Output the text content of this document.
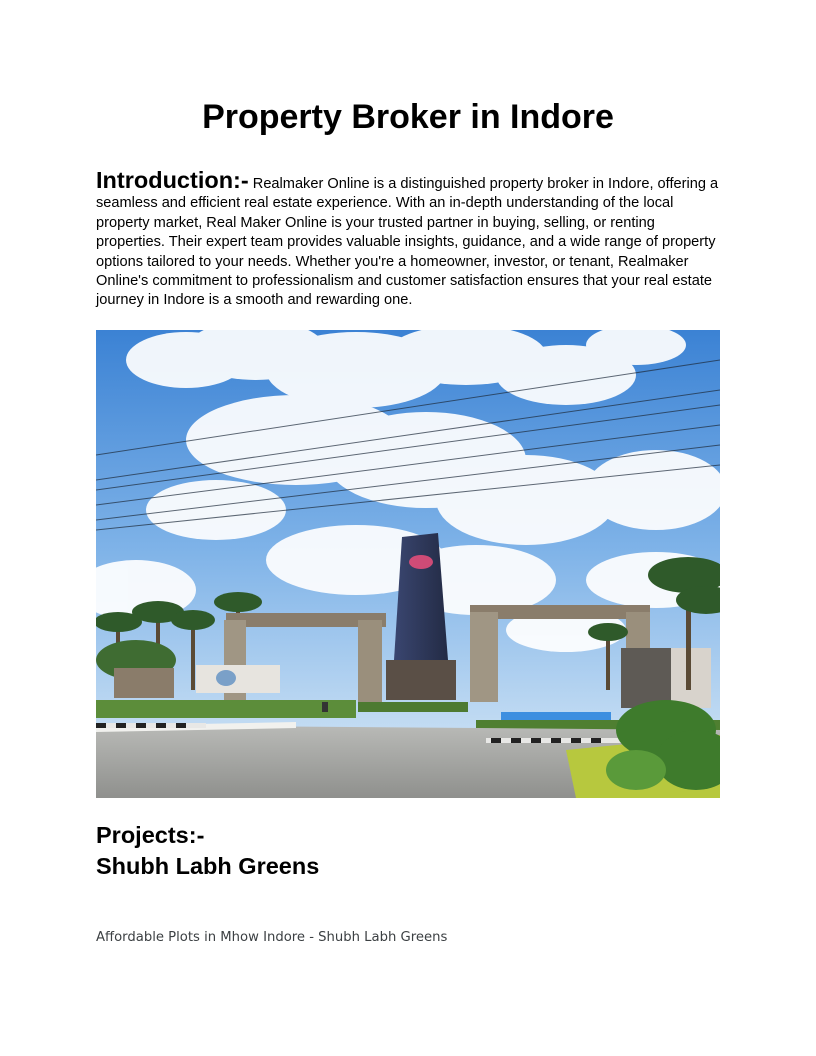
Property Broker in Indore

Introduction:- Realmaker Online is a distinguished property broker in Indore, offering a seamless and efficient real estate experience. With an in-depth understanding of the local property market, Real Maker Online is your trusted partner in buying, selling, or renting properties. Their expert team provides valuable insights, guidance, and a wide range of property options tailored to your needs. Whether you're a homeowner, investor, or tenant, Realmaker Online's commitment to professionalism and customer satisfaction ensures that your real estate journey in Indore is a smooth and rewarding one.

Projects:-
Shubh Labh Greens
Affordable Plots in Mhow Indore - Shubh Labh Greens
